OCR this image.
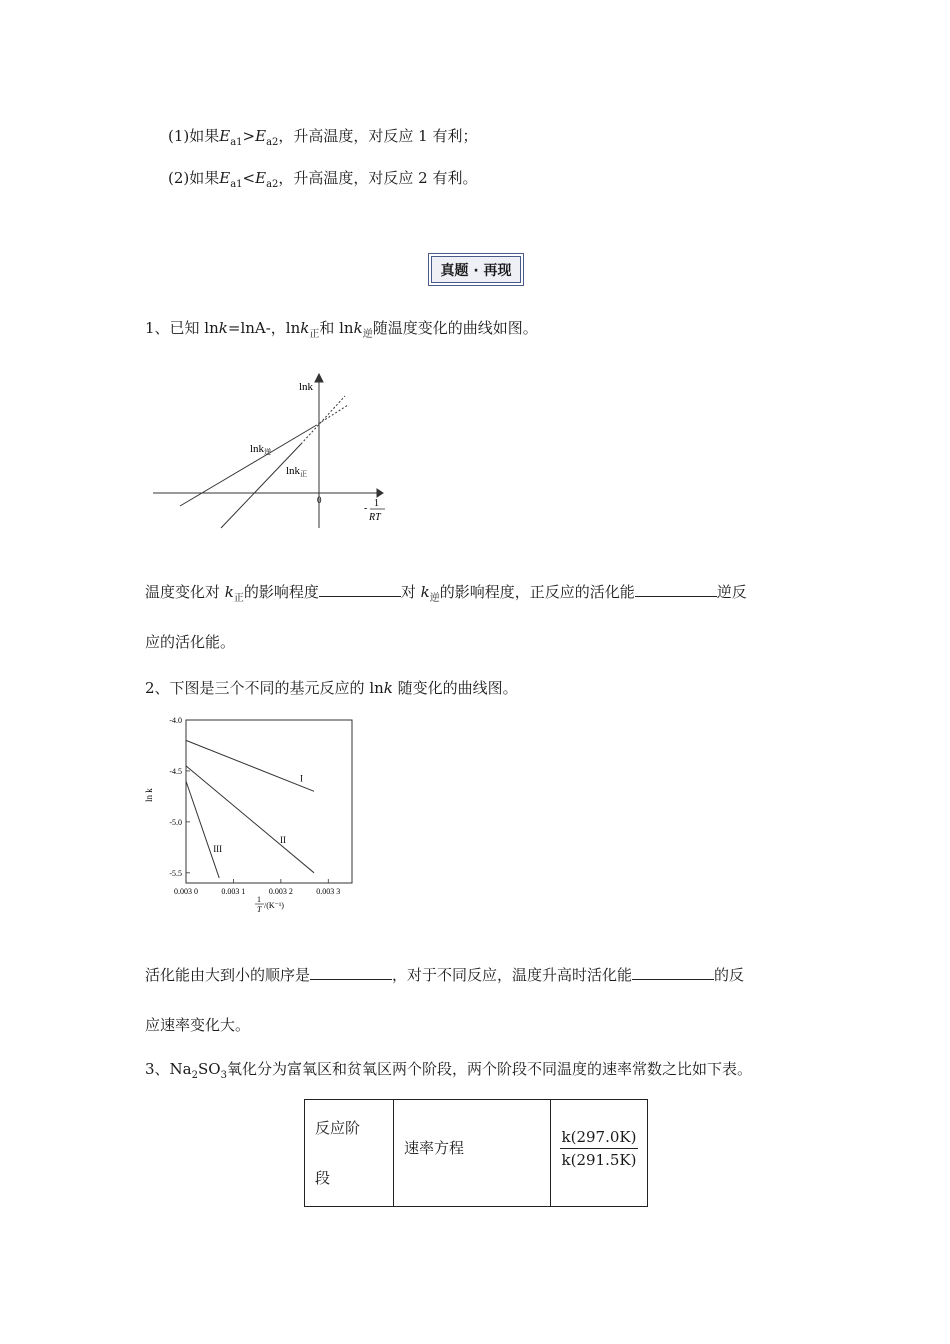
(1)如果$E_{a1}>E_{a2}$，升高温度，对反应 1 有利；
(2)如果$E_{a1}<E_{a2}$，升高温度，对反应 2 有利。
真题 · 再现
1、已知 lnk=lnA-，lnk$_正$和 lnk$_逆$随温度变化的曲线如图。
lnk
0
- 1
RT
lnk逆
lnk正
温度变化对 $k_正$的影响程度	对 $k_逆$的影响程度，正反应的活化能	逆反
应的活化能。
2、下图是三个不同的基元反应的 lnk 随变化的曲线图。
-4.0
-4.5
-5.0
-5.5
0.003 0	0.003 1	0.003 2	0.003 3
I
II
III
ln k
1
T /(K⁻¹)
活化能由大到小的顺序是	，对于不同反应，温度升高时活化能	的反
应速率变化大。
3、$Na_2SO_3$氧化分为富氧区和贫氧区两个阶段，两个阶段不同温度的速率常数之比如下表。
反应阶
段	速率方程	$\frac{k(297.0K)}{k(291.5K)}$
